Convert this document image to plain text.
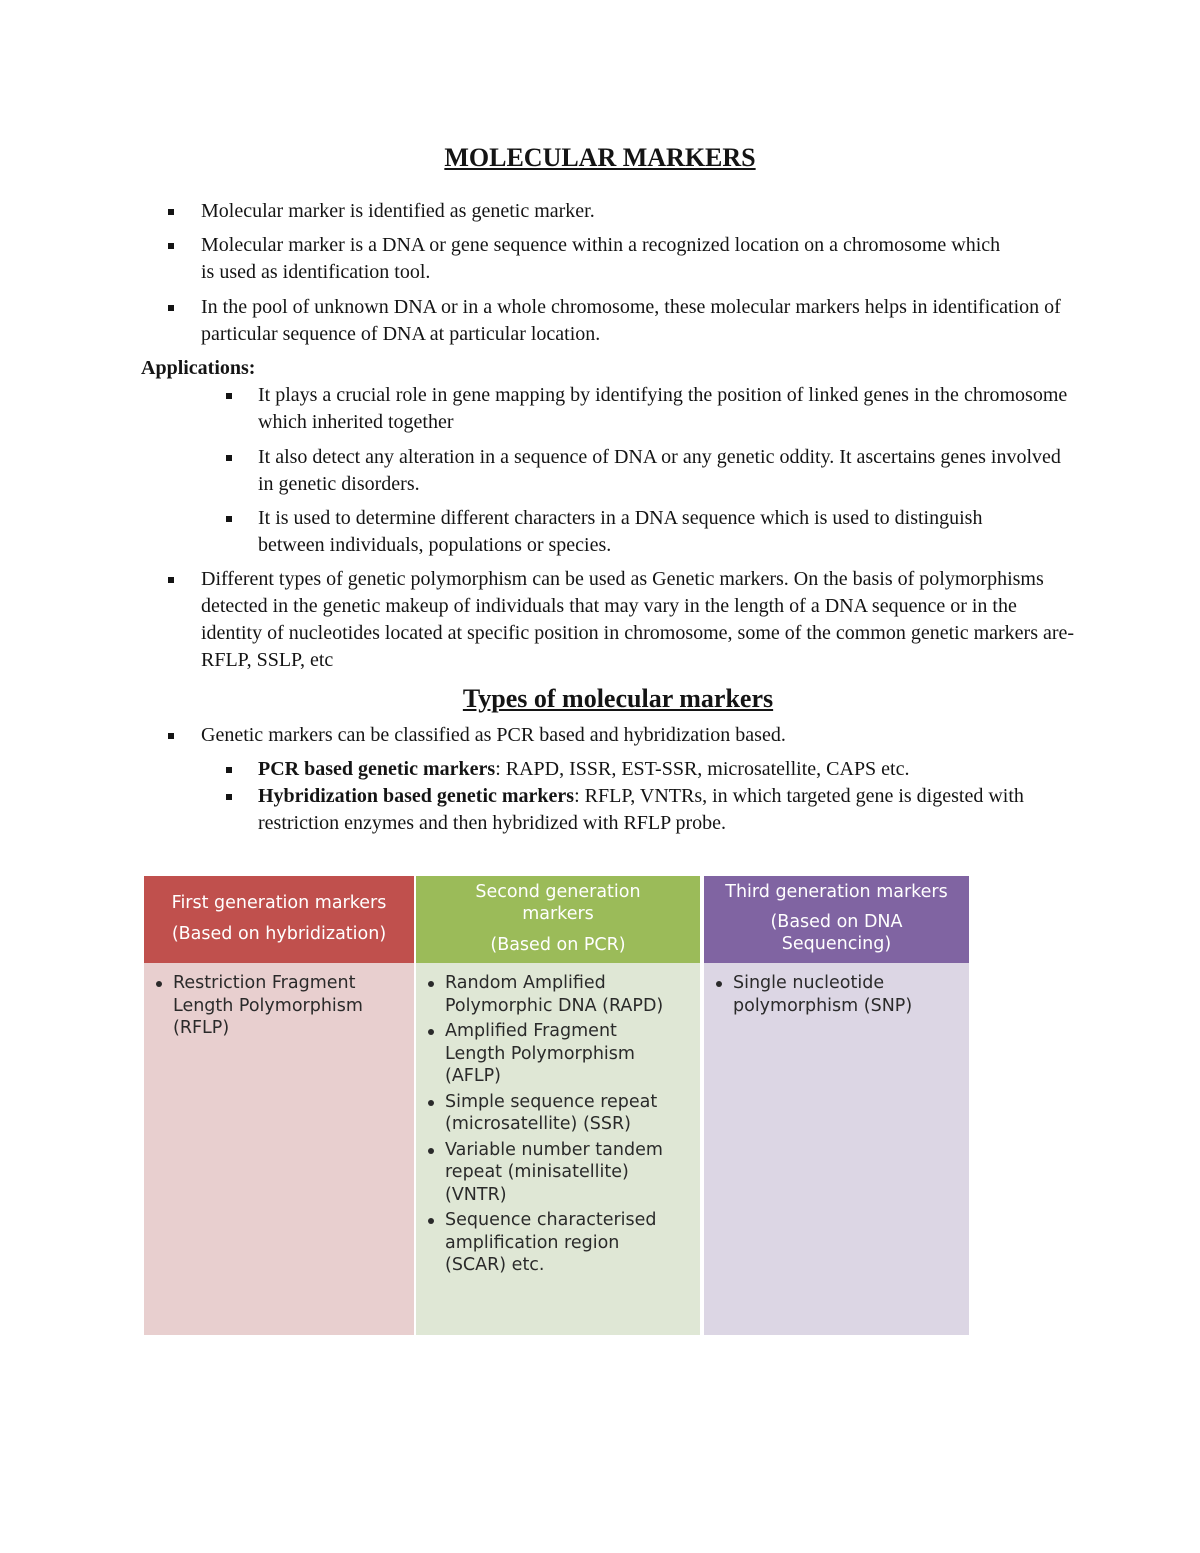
MOLECULAR MARKERS
Molecular marker is identified as genetic marker.
Molecular marker is a DNA or gene sequence within a recognized location on a chromosome which is used as identification tool.
In the pool of unknown DNA or in a whole chromosome, these molecular markers helps in identification of particular sequence of DNA at particular location.
Applications:
It plays a crucial role in gene mapping by identifying the position of linked genes in the chromosome which inherited together
It also detect any alteration in a sequence of DNA or any genetic oddity. It ascertains genes involved in genetic disorders.
It is used to determine different characters in a DNA sequence which is used to distinguish between individuals, populations or species.
Different types of genetic polymorphism can be used as Genetic markers. On the basis of polymorphisms detected in the genetic makeup of individuals that may vary in the length of a DNA sequence or in the identity of nucleotides located at specific position in chromosome, some of the common genetic markers are- RFLP, SSLP, etc
Types of molecular markers
Genetic markers can be classified as PCR based and hybridization based.
PCR based genetic markers: RAPD, ISSR, EST-SSR, microsatellite, CAPS etc.
Hybridization based genetic markers: RFLP, VNTRs, in which targeted gene is digested with restriction enzymes and then hybridized with RFLP probe.
First generation markers
(Based on hybridization)
Restriction Fragment Length Polymorphism (RFLP)
Second generation markers
(Based on PCR)
Random Amplified Polymorphic DNA (RAPD)
Amplified Fragment Length Polymorphism (AFLP)
Simple sequence repeat (microsatellite) (SSR)
Variable number tandem repeat (minisatellite)(VNTR)
Sequence characterised amplification region (SCAR) etc.
Third generation markers
(Based on DNA Sequencing)
Single nucleotide polymorphism (SNP)
